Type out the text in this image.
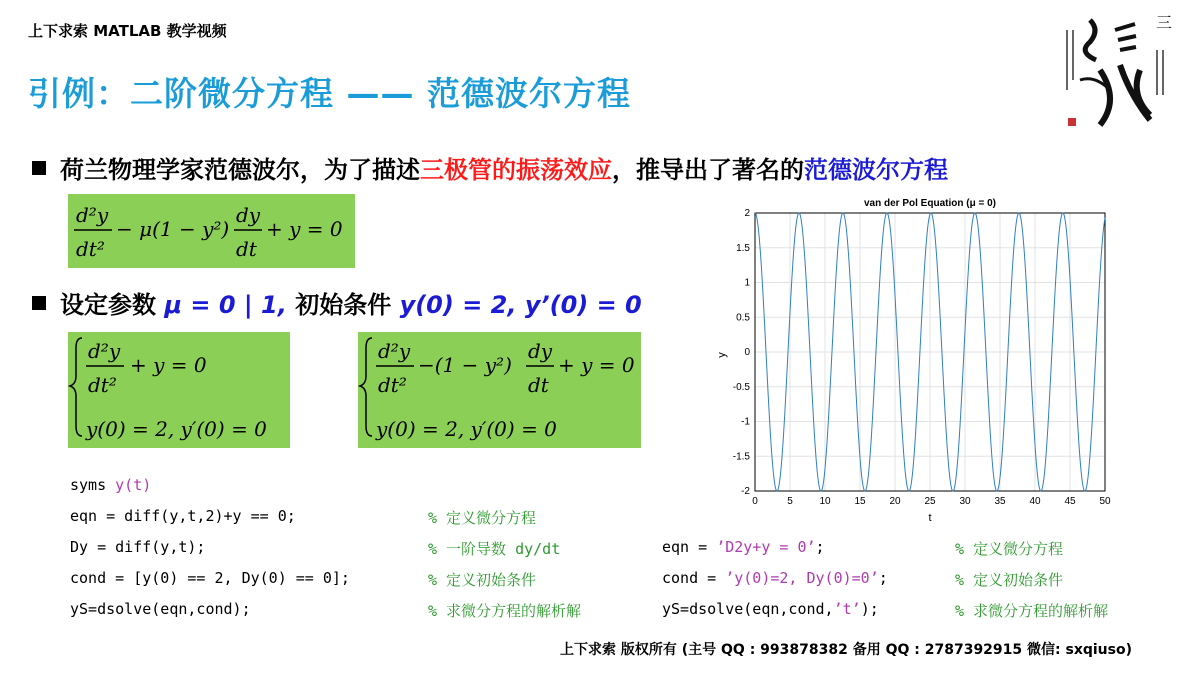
上下求索 MATLAB 教学视频
引例：二阶微分方程 —— 范德波尔方程
三
荷兰物理学家范德波尔，为了描述三极管的振荡效应，推导出了著名的范德波尔方程
d²y
dt²
− μ(1 − y²)
dy
dt
+ y = 0
设定参数 μ = 0 | 1, 初始条件 y(0) = 2, y’(0) = 0
d²y
dt²
+ y = 0
y(0) = 2, y′(0) = 0
d²y
dt²
−(1 − y²)
dy
dt
+ y = 0
y(0) = 2, y′(0) = 0
van der Pol Equation (μ = 0)
0	5	10 15 20 25 30 35 40 45 50
2
1.5
1
0.5
0
-0.5
-1
-1.5
-2
t
y

syms y(t)

eqn = diff(y,t,2)+y == 0;

	% 定义微分方程

Dy = diff(y,t);

	% 一阶导数 dy/dt

cond = [y(0) == 2, Dy(0) == 0];

	% 定义初始条件

yS=dsolve(eqn,cond);

	% 求微分方程的解析解

eqn = ’D2y+y = 0’;

	% 定义微分方程

cond = ’y(0)=2, Dy(0)=0’;

	% 定义初始条件

yS=dsolve(eqn,cond,’t’);

	% 求微分方程的解析解

上下求索 版权所有 (主号 QQ : 993878382 备用 QQ : 2787392915 微信: sxqiuso)
